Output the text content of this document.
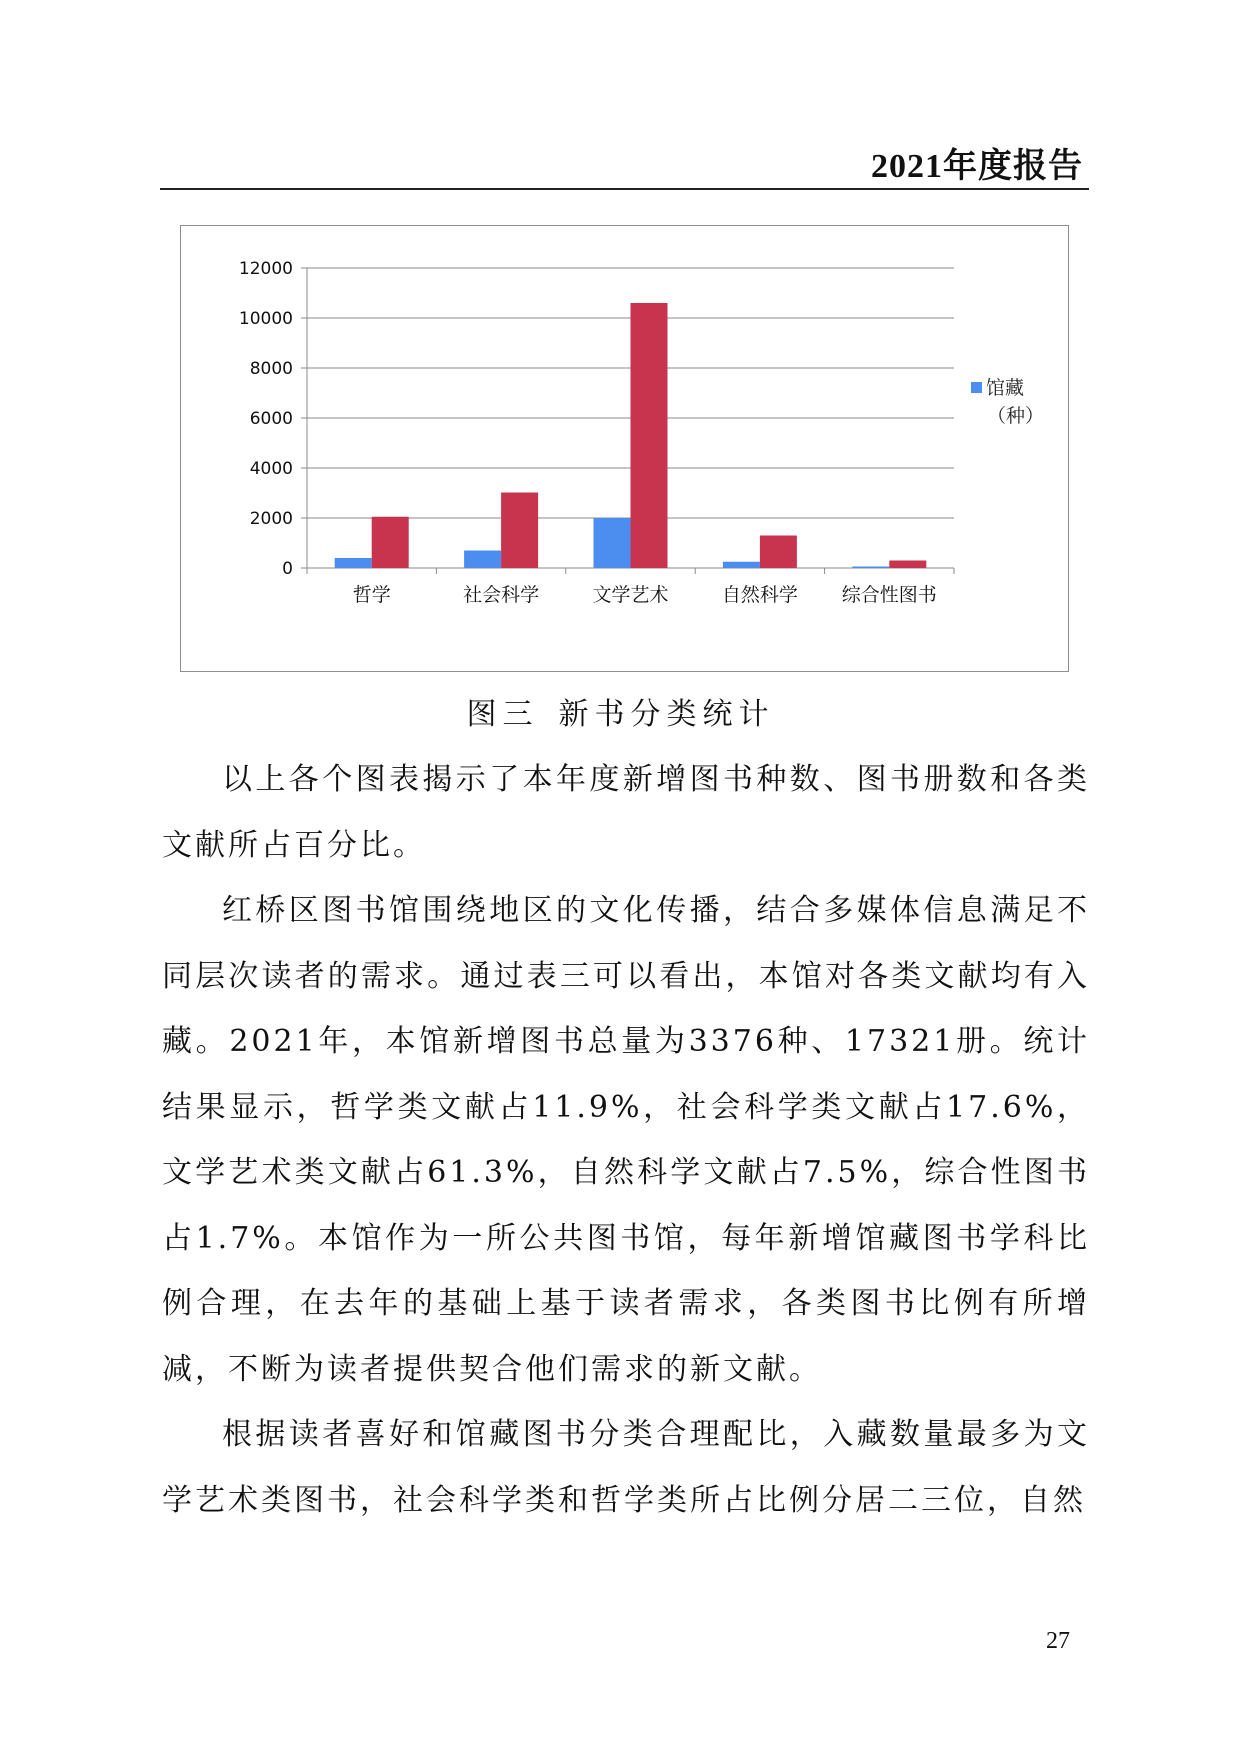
2021年度报告
0
2000
4000
6000
8000
10000
12000
哲学	社会科学	文学艺术	自然科学 综合性图书
馆藏
（种）
图三 新书分类统计

以上各个图表揭示了本年度新增图书种数、图书册数和各类文献所占百分比。

红桥区图书馆围绕地区的文化传播，结合多媒体信息满足不同层次读者的需求。通过表三可以看出，本馆对各类文献均有入藏。2021年，本馆新增图书总量为3376种、17321册。统计结果显示，哲学类文献占11.9%，社会科学类文献占17.6%，文学艺术类文献占61.3%，自然科学文献占7.5%，综合性图书占1.7%。本馆作为一所公共图书馆，每年新增馆藏图书学科比例合理，在去年的基础上基于读者需求，各类图书比例有所增减，不断为读者提供契合他们需求的新文献。

根据读者喜好和馆藏图书分类合理配比，入藏数量最多为文学艺术类图书，社会科学类和哲学类所占比例分居二三位，自然

27
